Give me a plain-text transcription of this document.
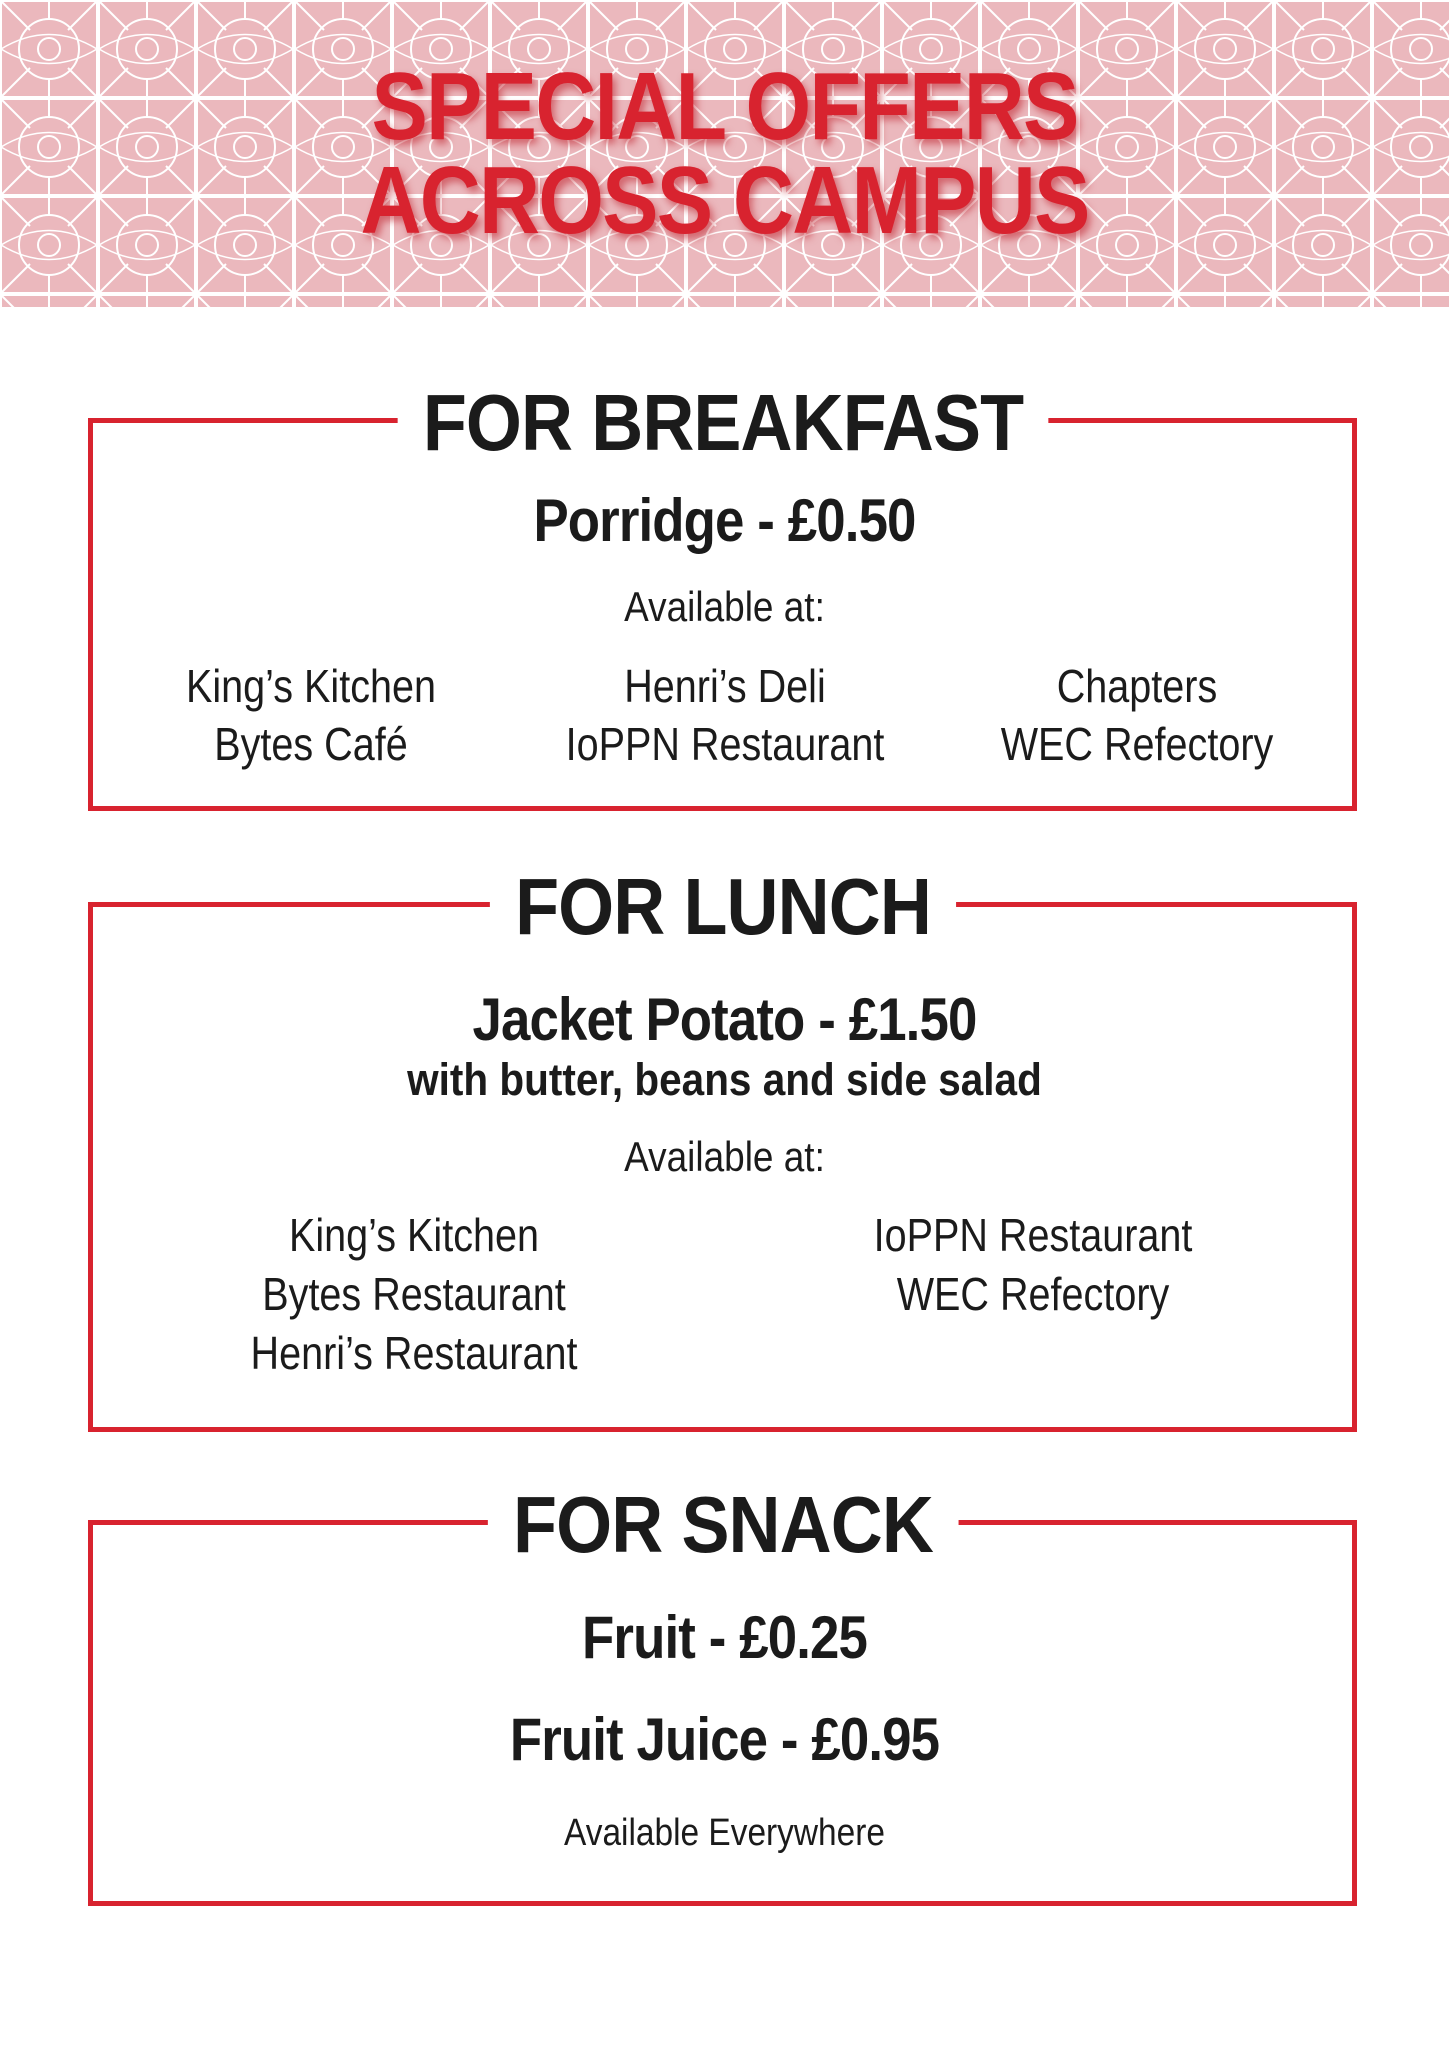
SPECIAL OFFERS
ACROSS CAMPUS
FOR BREAKFAST
Porridge - £0.50
Available at:
King’s Kitchen
Bytes Café
Henri’s Deli
IoPPN Restaurant
Chapters
WEC Refectory
FOR LUNCH
Jacket Potato - £1.50
with butter, beans and side salad
Available at:
King’s Kitchen
Bytes Restaurant
Henri’s Restaurant
IoPPN Restaurant
WEC Refectory
FOR SNACK
Fruit - £0.25
Fruit Juice - £0.95
Available Everywhere
